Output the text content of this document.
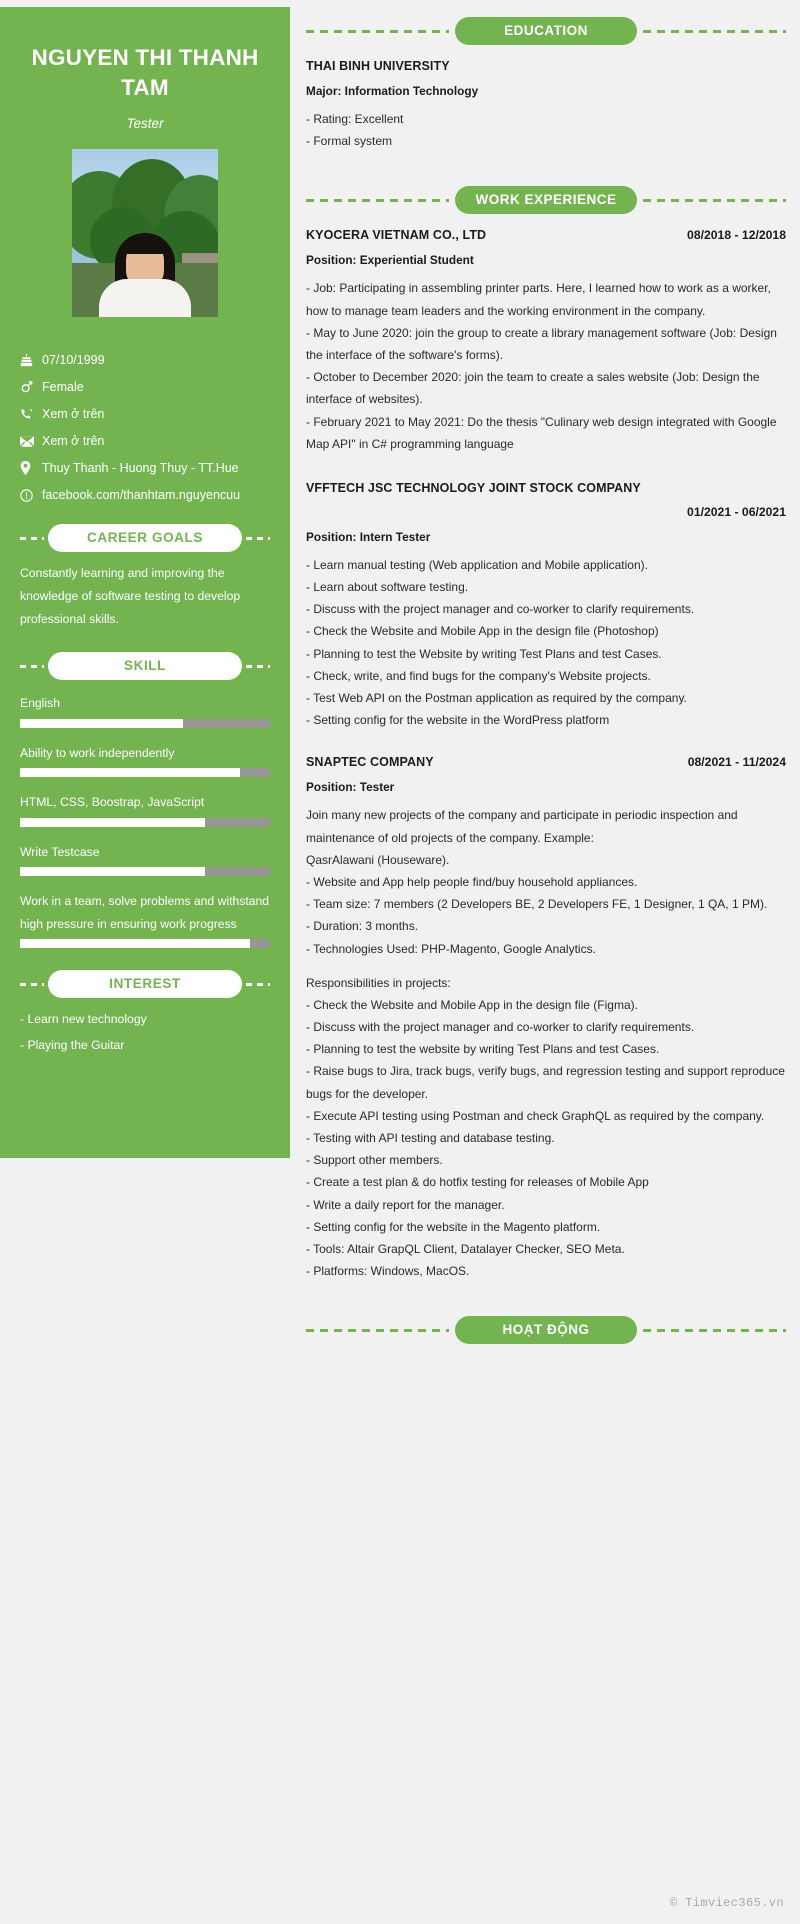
NGUYEN THI THANH TAM
Tester
07/10/1999
Female
Xem ở trên
Xem ở trên
Thuy Thanh - Huong Thuy - TT.Hue
facebook.com/thanhtam.nguyencuu
CAREER GOALS
Constantly learning and improving the knowledge of software testing to develop professional skills.
SKILL
English
Ability to work independently
HTML, CSS, Boostrap, JavaScript
Write Testcase
Work in a team, solve problems and withstand high pressure in ensuring work progress
INTEREST
- Learn new technology
- Playing the Guitar
EDUCATION
THAI BINH UNIVERSITY
Major: Information Technology
- Rating: Excellent
- Formal system
WORK EXPERIENCE
KYOCERA VIETNAM CO., LTD	08/2018 - 12/2018
Position: Experiential Student
- Job: Participating in assembling printer parts. Here, I learned how to work as a worker, how to manage team leaders and the working environment in the company.
- May to June 2020: join the group to create a library management software (Job: Design the interface of the software's forms).
- October to December 2020: join the team to create a sales website (Job: Design the interface of websites).
- February 2021 to May 2021: Do the thesis "Culinary web design integrated with Google Map API" in C# programming language
VFFTECH JSC TECHNOLOGY JOINT STOCK COMPANY
01/2021 - 06/2021
Position: Intern Tester
- Learn manual testing (Web application and Mobile application).
- Learn about software testing.
- Discuss with the project manager and co-worker to clarify requirements.
- Check the Website and Mobile App in the design file (Photoshop)
- Planning to test the Website by writing Test Plans and test Cases.
- Check, write, and find bugs for the company's Website projects.
- Test Web API on the Postman application as required by the company.
- Setting config for the website in the WordPress platform
SNAPTEC COMPANY	08/2021 - 11/2024
Position: Tester
Join many new projects of the company and participate in periodic inspection and maintenance of old projects of the company. Example:
QasrAlawani (Houseware).
- Website and App help people find/buy household appliances.
- Team size: 7 members (2 Developers BE, 2 Developers FE, 1 Designer, 1 QA, 1 PM).
- Duration: 3 months.
- Technologies Used: PHP-Magento, Google Analytics.
Responsibilities in projects:
- Check the Website and Mobile App in the design file (Figma).
- Discuss with the project manager and co-worker to clarify requirements.
- Planning to test the website by writing Test Plans and test Cases.
- Raise bugs to Jira, track bugs, verify bugs, and regression testing and support reproduce bugs for the developer.
- Execute API testing using Postman and check GraphQL as required by the company.
- Testing with API testing and database testing.
- Support other members.
- Create a test plan & do hotfix testing for releases of Mobile App
- Write a daily report for the manager.
- Setting config for the website in the Magento platform.
- Tools: Altair GrapQL Client, Datalayer Checker, SEO Meta.
- Platforms: Windows, MacOS.
HOẠT ĐỘNG
© Timviec365.vn
